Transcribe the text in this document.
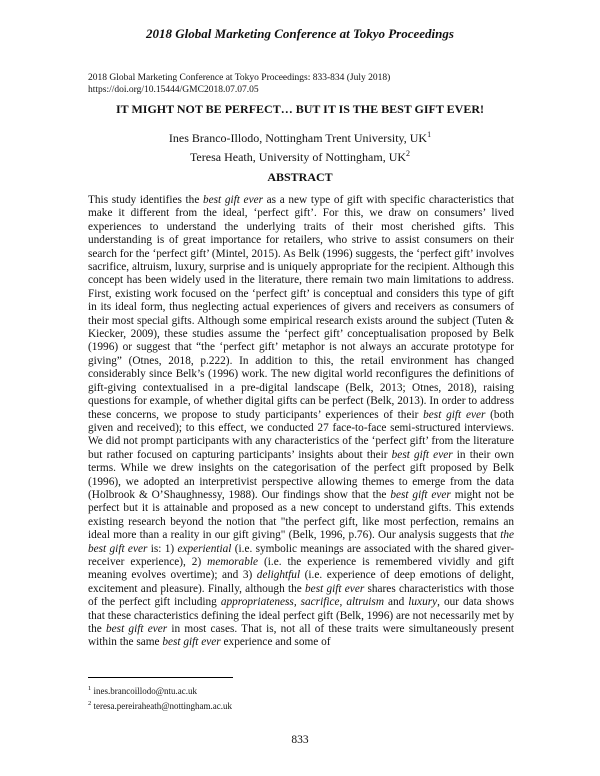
2018 Global Marketing Conference at Tokyo Proceedings
2018 Global Marketing Conference at Tokyo Proceedings: 833-834 (July 2018)
https://doi.org/10.15444/GMC2018.07.07.05
IT MIGHT NOT BE PERFECT… BUT IT IS THE BEST GIFT EVER!
Ines Branco-Illodo, Nottingham Trent University, $UK^1$
Teresa Heath, University of Nottingham, $UK^2$
ABSTRACT

This study identifies the best gift ever as a new type of gift with specific characteristics that make it different from the ideal, ‘perfect gift’. For this, we draw on consumers’ lived experiences to understand the underlying traits of their most cherished gifts. This understanding is of great importance for retailers, who strive to assist consumers on their search for the ‘perfect gift’ (Mintel, 2015). As Belk (1996) suggests, the ‘perfect gift’ involves sacrifice, altruism, luxury, surprise and is uniquely appropriate for the recipient. Although this concept has been widely used in the literature, there remain two main limitations to address. First, existing work focused on the ‘perfect gift’ is conceptual and considers this type of gift in its ideal form, thus neglecting actual experiences of givers and receivers as consumers of their most special gifts. Although some empirical research exists around the subject (Tuten & Kiecker, 2009), these studies assume the ‘perfect gift’ conceptualisation proposed by Belk (1996) or suggest that “the ‘perfect gift’ metaphor is not always an accurate prototype for giving” (Otnes, 2018, p.222). In addition to this, the retail environment has changed considerably since Belk’s (1996) work. The new digital world reconfigures the definitions of gift-giving contextualised in a pre-digital landscape (Belk, 2013; Otnes, 2018), raising questions for example, of whether digital gifts can be perfect (Belk, 2013). In order to address these concerns, we propose to study participants’ experiences of their best gift ever (both given and received); to this effect, we conducted 27 face-to-face semi-structured interviews. We did not prompt participants with any characteristics of the ‘perfect gift’ from the literature but rather focused on capturing participants’ insights about their best gift ever in their own terms. While we drew insights on the categorisation of the perfect gift proposed by Belk (1996), we adopted an interpretivist perspective allowing themes to emerge from the data (Holbrook & O’Shaughnessy, 1988). Our findings show that the best gift ever might not be perfect but it is attainable and proposed as a new concept to understand gifts. This extends existing research beyond the notion that "the perfect gift, like most perfection, remains an ideal more than a reality in our gift giving" (Belk, 1996, p.76). Our analysis suggests that the best gift ever is: 1) experiential (i.e. symbolic meanings are associated with the shared giver-receiver experience), 2) memorable (i.e. the experience is remembered vividly and gift meaning evolves overtime); and 3) delightful (i.e. experience of deep emotions of delight, excitement and pleasure). Finally, although the best gift ever shares characteristics with those of the perfect gift including appropriateness, sacrifice, altruism and luxury, our data shows that these characteristics defining the ideal perfect gift (Belk, 1996) are not necessarily met by the best gift ever in most cases. That is, not all of these traits were simultaneously present within the same best gift ever experience and some of

$^1$ ines.brancoillodo@ntu.ac.uk
$^2$ teresa.pereiraheath@nottingham.ac.uk
833
